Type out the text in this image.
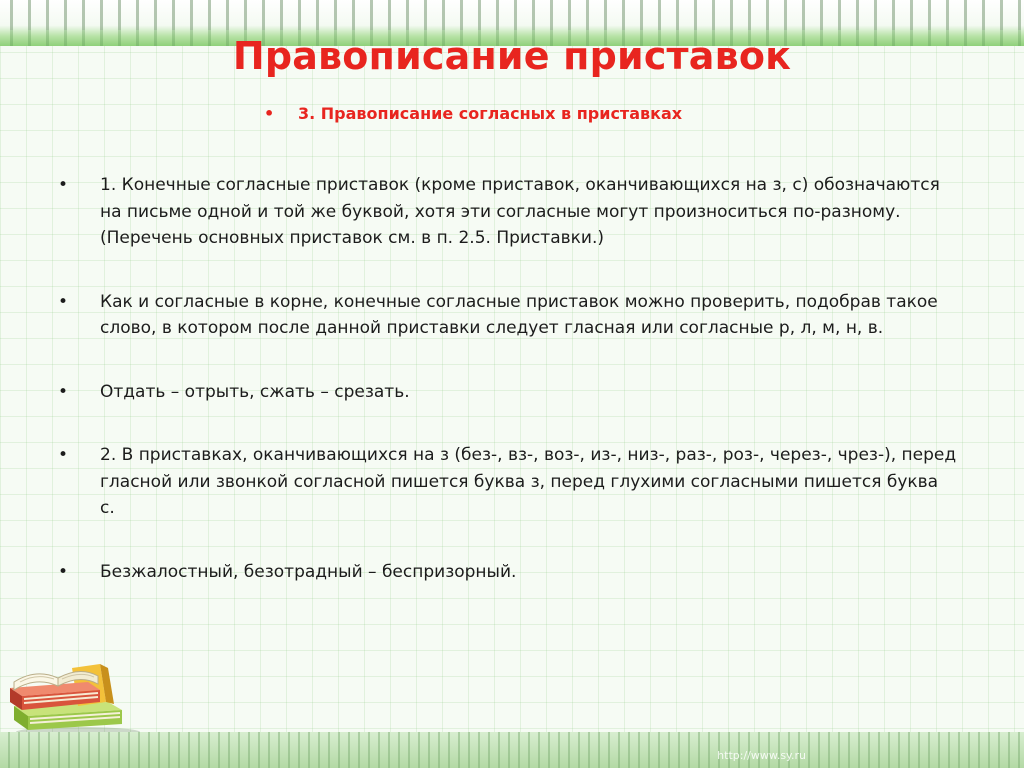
Правописание приставок
• 3. Правописание согласных в приставках
• 1. Конечные согласные приставок (кроме приставок, оканчивающихся на з, с) обозначаются на письме одной и той же буквой, хотя эти согласные могут произноситься по-разному. (Перечень основных приставок см. в п. 2.5. Приставки.)
• Как и согласные в корне, конечные согласные приставок можно проверить, подобрав такое слово, в котором после данной приставки следует гласная или согласные р, л, м, н, в.
• Отдать – отрыть, сжать – срезать.
• 2. В приставках, оканчивающихся на з (без-, вз-, воз-, из-, низ-, раз-, роз-, через-, чрез-), перед гласной или звонкой согласной пишется буква з, перед глухими согласными пишется буква с.
• Безжалостный, безотрадный – беспризорный.
http://www.sy.ru
